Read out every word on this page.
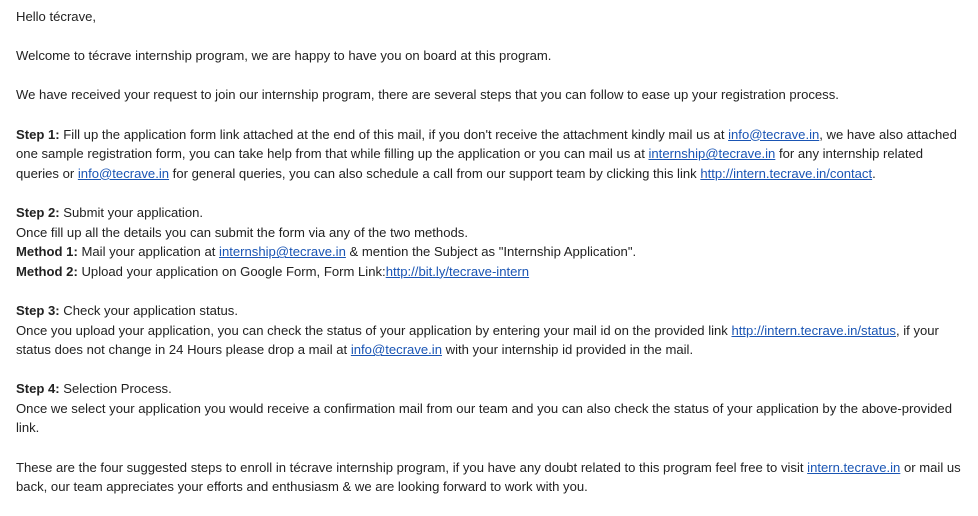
Hello técrave,
Welcome to técrave internship program, we are happy to have you on board at this program.
We have received your request to join our internship program, there are several steps that you can follow to ease up your registration process.
Step 1: Fill up the application form link attached at the end of this mail, if you don't receive the attachment kindly mail us at info@tecrave.in, we have also attached one sample registration form, you can take help from that while filling up the application or you can mail us at internship@tecrave.in for any internship related queries or info@tecrave.in for general queries, you can also schedule a call from our support team by clicking this link http://intern.tecrave.in/contact.
Step 2: Submit your application.
Once fill up all the details you can submit the form via any of the two methods.
Method 1: Mail your application at internship@tecrave.in & mention the Subject as "Internship Application".
Method 2: Upload your application on Google Form, Form Link:http://bit.ly/tecrave-intern
Step 3: Check your application status.
Once you upload your application, you can check the status of your application by entering your mail id on the provided link http://intern.tecrave.in/status, if your status does not change in 24 Hours please drop a mail at info@tecrave.in with your internship id provided in the mail.
Step 4: Selection Process.
Once we select your application you would receive a confirmation mail from our team and you can also check the status of your application by the above-provided link.
These are the four suggested steps to enroll in técrave internship program, if you have any doubt related to this program feel free to visit intern.tecrave.in or mail us back, our team appreciates your efforts and enthusiasm & we are looking forward to work with you.
